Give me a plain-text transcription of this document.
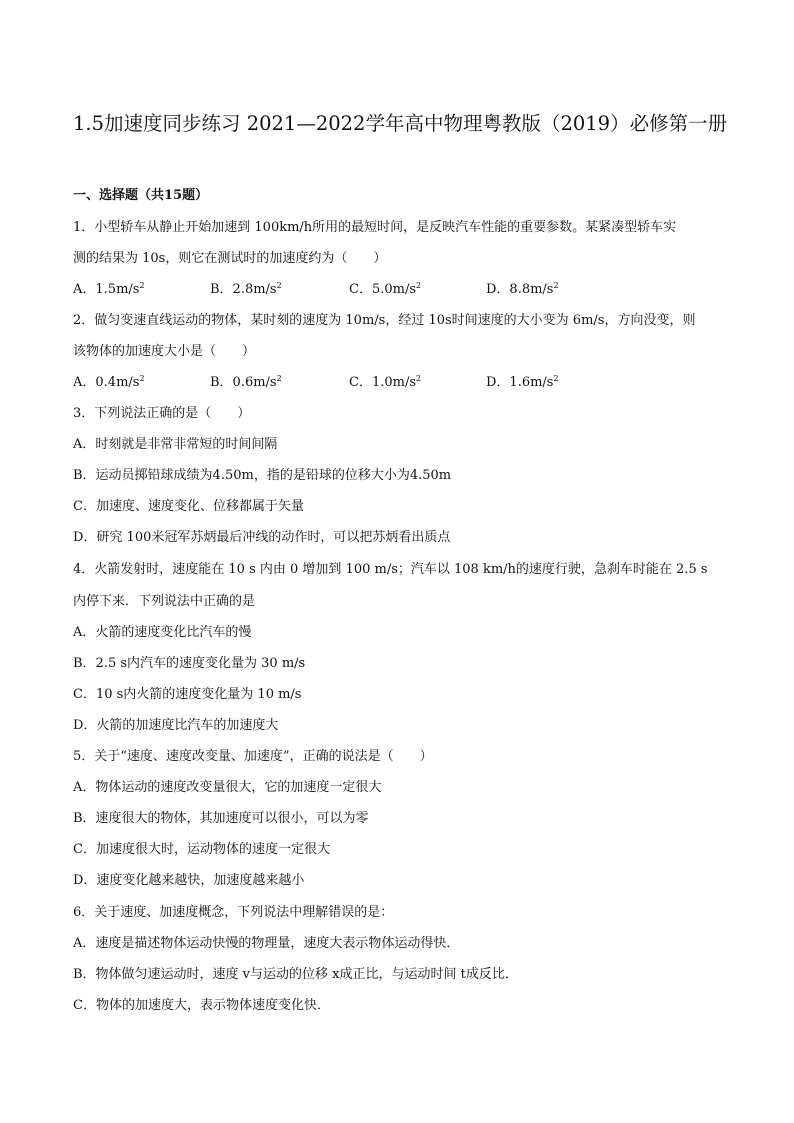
1.5加速度同步练习 2021—2022学年高中物理粤教版（2019）必修第一册
一、选择题（共15题）
1．小型轿车从静止开始加速到 100km/h所用的最短时间，是反映汽车性能的重要参数。某紧凑型轿车实
测的结果为 10s，则它在测试时的加速度约为（　　）
A．$1.5m/s^2$	B．$2.8m/s^2$	C．$5.0m/s^2$	D．$8.8m/s^2$
2．做匀变速直线运动的物体，某时刻的速度为 10m/s，经过 10s时间速度的大小变为 6m/s，方向没变，则
该物体的加速度大小是（　　）
A．$0.4m/s^2$	B．$0.6m/s^2$	C．$1.0m/s^2$	D．$1.6m/s^2$
3．下列说法正确的是（　　）
A．时刻就是非常非常短的时间间隔
B．运动员掷铅球成绩为4.50m，指的是铅球的位移大小为4.50m
C．加速度、速度变化、位移都属于矢量
D．研究 100米冠军苏炳最后冲线的动作时，可以把苏炳看出质点
4．火箭发射时，速度能在 10 s 内由 0 增加到 100 m/s；汽车以 108 km/h的速度行驶，急刹车时能在 2.5 s
内停下来．下列说法中正确的是
A．火箭的速度变化比汽车的慢
B．2.5 s内汽车的速度变化量为 30 m/s
C．10 s内火箭的速度变化量为 10 m/s
D．火箭的加速度比汽车的加速度大
5．关于“速度、速度改变量、加速度”，正确的说法是（　　）
A．物体运动的速度改变量很大，它的加速度一定很大
B．速度很大的物体，其加速度可以很小，可以为零
C．加速度很大时，运动物体的速度一定很大
D．速度变化越来越快，加速度越来越小
6．关于速度、加速度概念，下列说法中理解错误的是：
A．速度是描述物体运动快慢的物理量，速度大表示物体运动得快．
B．物体做匀速运动时，速度 v与运动的位移 x成正比，与运动时间 t成反比．
C．物体的加速度大，表示物体速度变化快．
